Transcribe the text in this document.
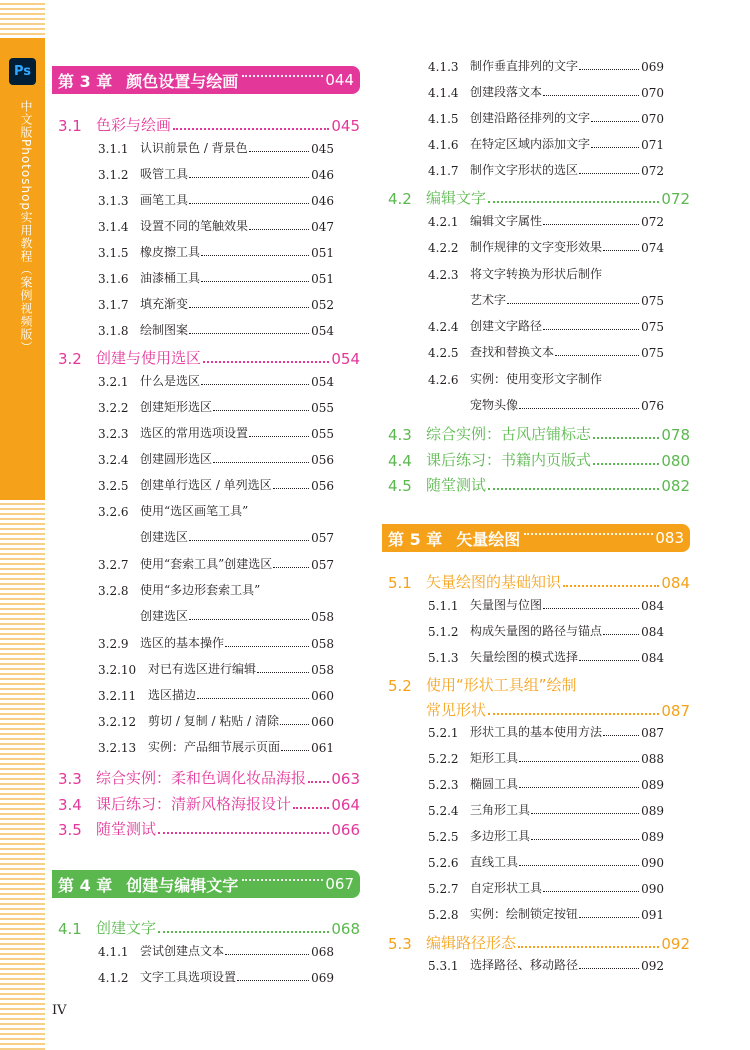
Ps
中文版Photoshop实用教程（案例视频版）
第 3 章 颜色设置与绘画	044
3.1 色彩与绘画	045
3.1.1 认识前景色 / 背景色	045
3.1.2 吸管工具	046
3.1.3 画笔工具	046
3.1.4 设置不同的笔触效果	047
3.1.5 橡皮擦工具	051
3.1.6 油漆桶工具	051
3.1.7 填充渐变	052
3.1.8 绘制图案	054
3.2 创建与使用选区	054
3.2.1 什么是选区	054
3.2.2 创建矩形选区	055
3.2.3 选区的常用选项设置	055
3.2.4 创建圆形选区	056
3.2.5 创建单行选区 / 单列选区	056
3.2.6 使用“选区画笔工具”
创建选区	057
3.2.7 使用“套索工具”创建选区	057
3.2.8 使用“多边形套索工具”
创建选区	058
3.2.9 选区的基本操作	058
3.2.10 对已有选区进行编辑	058
3.2.11 选区描边	060
3.2.12 剪切 / 复制 / 粘贴 / 清除	060
3.2.13 实例：产品细节展示页面	061
3.3 综合实例：柔和色调化妆品海报 063
3.4 课后练习：清新风格海报设计	064
3.5 随堂测试	066
第 4 章 创建与编辑文字	067
4.1 创建文字	068
4.1.1 尝试创建点文本	068
4.1.2 文字工具选项设置	069
4.1.3 制作垂直排列的文字	069
4.1.4 创建段落文本	070
4.1.5 创建沿路径排列的文字	070
4.1.6 在特定区域内添加文字	071
4.1.7 制作文字形状的选区	072
4.2 编辑文字	072
4.2.1 编辑文字属性	072
4.2.2 制作规律的文字变形效果	074
4.2.3 将文字转换为形状后制作
艺术字	075
4.2.4 创建文字路径	075
4.2.5 查找和替换文本	075
4.2.6 实例：使用变形文字制作
宠物头像	076
4.3 综合实例：古风店铺标志	078
4.4 课后练习：书籍内页版式	080
4.5 随堂测试	082
第 5 章 矢量绘图	083
5.1 矢量绘图的基础知识	084
5.1.1 矢量图与位图	084
5.1.2 构成矢量图的路径与锚点	084
5.1.3 矢量绘图的模式选择	084
5.2 使用“形状工具组”绘制
常见形状	087
5.2.1 形状工具的基本使用方法	087
5.2.2 矩形工具	088
5.2.3 椭圆工具	089
5.2.4 三角形工具	089
5.2.5 多边形工具	089
5.2.6 直线工具	090
5.2.7 自定形状工具	090
5.2.8 实例：绘制锁定按钮	091
5.3 编辑路径形态	092
5.3.1 选择路径、移动路径	092
IV
